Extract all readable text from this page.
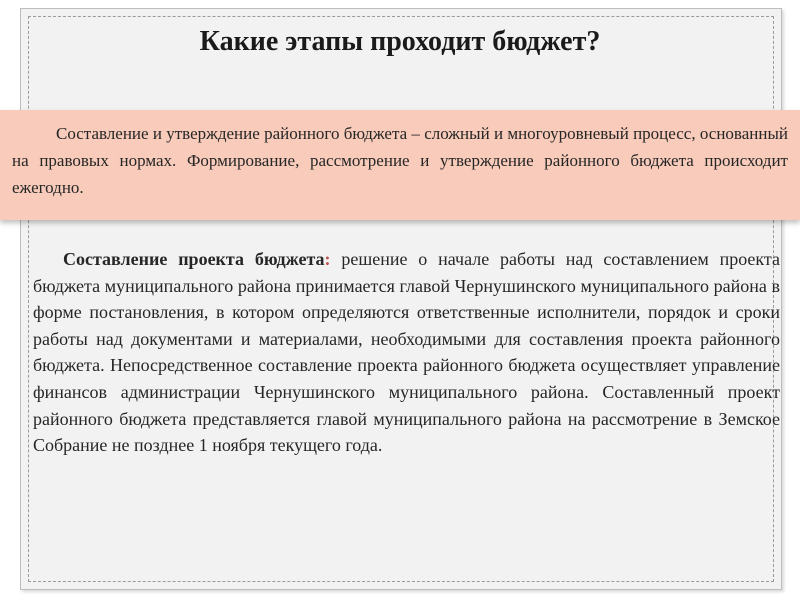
Какие этапы проходит бюджет?
Составление и утверждение районного бюджета – сложный и многоуровневый процесс, основанный на правовых нормах. Формирование, рассмотрение и утверждение районного бюджета происходит ежегодно.
Составление проекта бюджета: решение о начале работы над составлением проекта бюджета муниципального района принимается главой Чернушинского муниципального района в форме постановления, в котором определяются ответственные исполнители, порядок и сроки работы над документами и материалами, необходимыми для составления проекта районного бюджета. Непосредственное составление проекта районного бюджета осуществляет управление финансов администрации Чернушинского муниципального района. Составленный проект районного бюджета представляется главой муниципального района на рассмотрение в Земское Собрание не позднее 1 ноября текущего года.
